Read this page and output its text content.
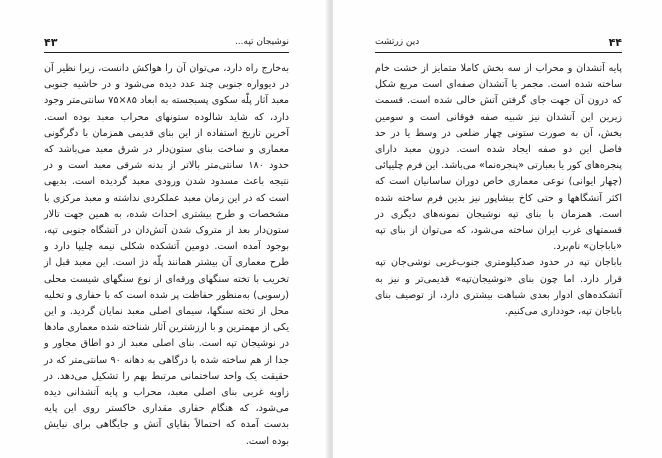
۴۳	نوشیجان تپه...

به‌خارج راه دارد، می‌توان آن را هواکش دانست، زیرا نظیر آن در دیوواره جنوبی چند عدد دیده می‌شود و در حاشیه جنوبی معبد آثار پلّه سکوی پسبجسته به ابعاد ۸۵×۷۵ سانتی‌متر وجود دارد، که شاید شالوده ستونهای محراب معبد بوده است. آخرین تاریخ استفاده از این بنای قدیمی همزمان با دگرگونی معماری و ساخت بنای ستون‌دار در شرق معبد می‌باشد که حدود ۱۸۰ سانتی‌متر بالاتر از بدنه شرقی معبد است و در نتیجه باعث مسدود شدن ورودی معبد گردیده است. بدیهی است که در این زمان معبد عملکردی نداشته و معبد مرکزی با مشخصات و طرح بیشتری احداث شده، به همین جهت تالار ستون‌دار بعد از متروک شدن آتش‌دان در آتشگاه جنوبی تپه، بوجود آمده است. دومین آتشکده شکلی نیمه چلیپا دارد و طرح معماری آن بیشتر همانند پلّه دژ است. این معبد قبل از تخریب با تخته سنگهای ورقه‌ای از نوع سنگهای شیست محلی (رسوبی) به‌منظور حفاظت پر شده است که با حفاری و تخلیه محل از تخته سنگها، سیمای اصلی معبد نمایان گردید. و این یکی از مهمترین و با ارزشترین آثار شناخته شده معماری مادها در نوشیجان تپه است. بنای اصلی معبد از دو اطاق مجاور و جدا از هم ساخته شده با درگاهی به دهانه ۹۰ سانتی‌متر که در حقیقت یک واحد ساختمانی مرتبط بهم را تشکیل می‌دهد. در زاویه غربی بنای اصلی معبد، محراب و پایه آتشدانی دیده می‌شود، که هنگام حفاری مقداری خاکستر روی این پایه بدست آمده که احتمالاً بقایای آتش و جایگاهی برای نیایش بوده است.

۴۴
دین زرتشت

پایه آتشدان و محراب از سه بخش کاملا متمایز از خشت خام ساخته شده است. مجمر یا آتشدان صفه‌ای است مربع شکل که درون آن جهت جای گرفتن آتش خالی شده است. قسمت زیرین این آتشدان نیز شبیه صفه فوقانی است و سومین بخش، آن به صورت ستونی چهار ضلعی در وسط یا در حد فاصل این دو صفه ایجاد شده است. درون معبد دارای پنجره‌های کور یا بعبارتی «پنجره‌نما» می‌باشد. این فرم چلیپائی (چهار ایوانی) نوعی معماری خاص دوران ساسانیان است که اکثر آتشگاهها و حتی کاخ بیشاپور نیز بدین فرم ساخته شده است. همزمان با بنای تپه نوشیجان نمونه‌های دیگری در قسمتهای غرب ایران ساخته می‌شود، که می‌توان از بنای تپه «باباجان» نام‌برد.

باباجان تپه در حدود صدکیلومتری جنوب‌غربی نوشی‌جان تپه قرار دارد. اما چون بنای «نوشیجان‌تپه» قدیمی‌تر و نیز به آتشکده‌های ادوار بعدی شباهت بیشتری دارد، از توصیف بنای باباجان تپه، خودداری می‌کنیم.
